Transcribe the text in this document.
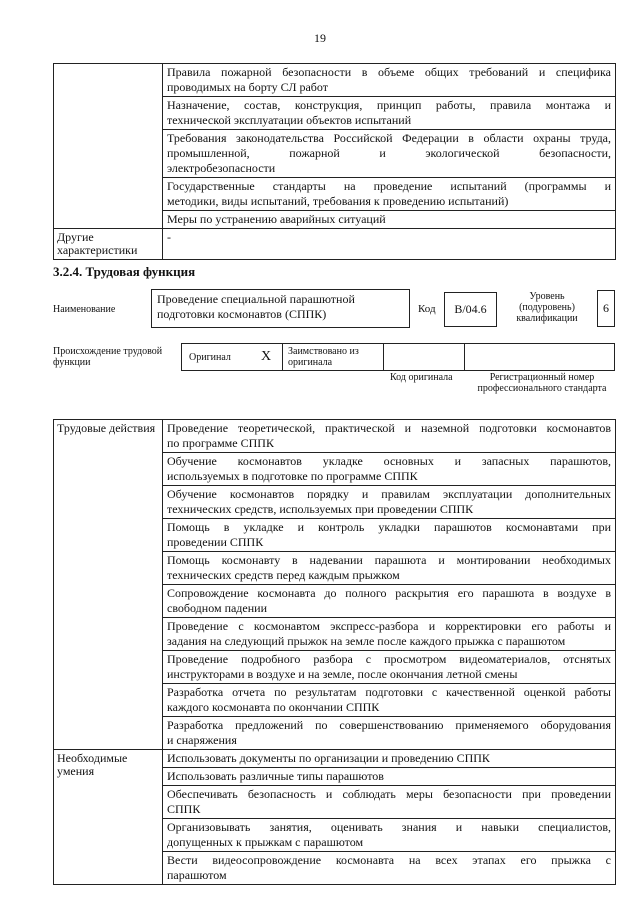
19

	Правила пожарной безопасности в объеме общих требований и специфика
проводимых на борту СЛ работ

	Назначение, состав, конструкция, принцип работы, правила монтажа и
технической эксплуатации объектов испытаний

	Требования законодательства Российской Федерации в области охраны труда,
промышленной, пожарной и экологической безопасности,
электробезопасности

	Государственные стандарты на проведение испытаний (программы и
методики, виды испытаний, требования к проведению испытаний)

	Меры по устранению аварийных ситуаций

Другие характеристики	-
3.2.4. Трудовая функция
Наименование
Проведение специальной парашютной подготовки космонавтов (СППК)	Код	В/04.6
Уровень (подуровень) квалификации
6
Происхождение трудовой функции	Оригинал X Заимствовано из оригинала
Код оригинала	Регистрационный номер профессионального стандарта
Трудовые действия	Проведение теоретической, практической и наземной подготовки космонавтов
по программе СППК

	Обучение космонавтов укладке основных и запасных парашютов,
используемых в подготовке по программе СППК

	Обучение космонавтов порядку и правилам эксплуатации дополнительных
технических средств, используемых при проведении СППК

	Помощь в укладке и контроль укладки парашютов космонавтами при
проведении СППК

	Помощь космонавту в надевании парашюта и монтировании необходимых
технических средств перед каждым прыжком

	Сопровождение космонавта до полного раскрытия его парашюта в воздухе в
свободном падении

	Проведение с космонавтом экспресс-разбора и корректировки его работы и
задания на следующий прыжок на земле после каждого прыжка с парашютом

	Проведение подробного разбора с просмотром видеоматериалов, отснятых
инструкторами в воздухе и на земле, после окончания летной смены

	Разработка отчета по результатам подготовки с качественной оценкой работы
каждого космонавта по окончании СППК

	Разработка предложений по совершенствованию применяемого оборудования
и снаряжения

Необходимые умения	Использовать документы по организации и проведению СППК

	Использовать различные типы парашютов

	Обеспечивать безопасность и соблюдать меры безопасности при проведении
СППК

	Организовывать занятия, оценивать знания и навыки специалистов,
допущенных к прыжкам с парашютом

	Вести видеосопровождение космонавта на всех этапах его прыжка с
парашютом
